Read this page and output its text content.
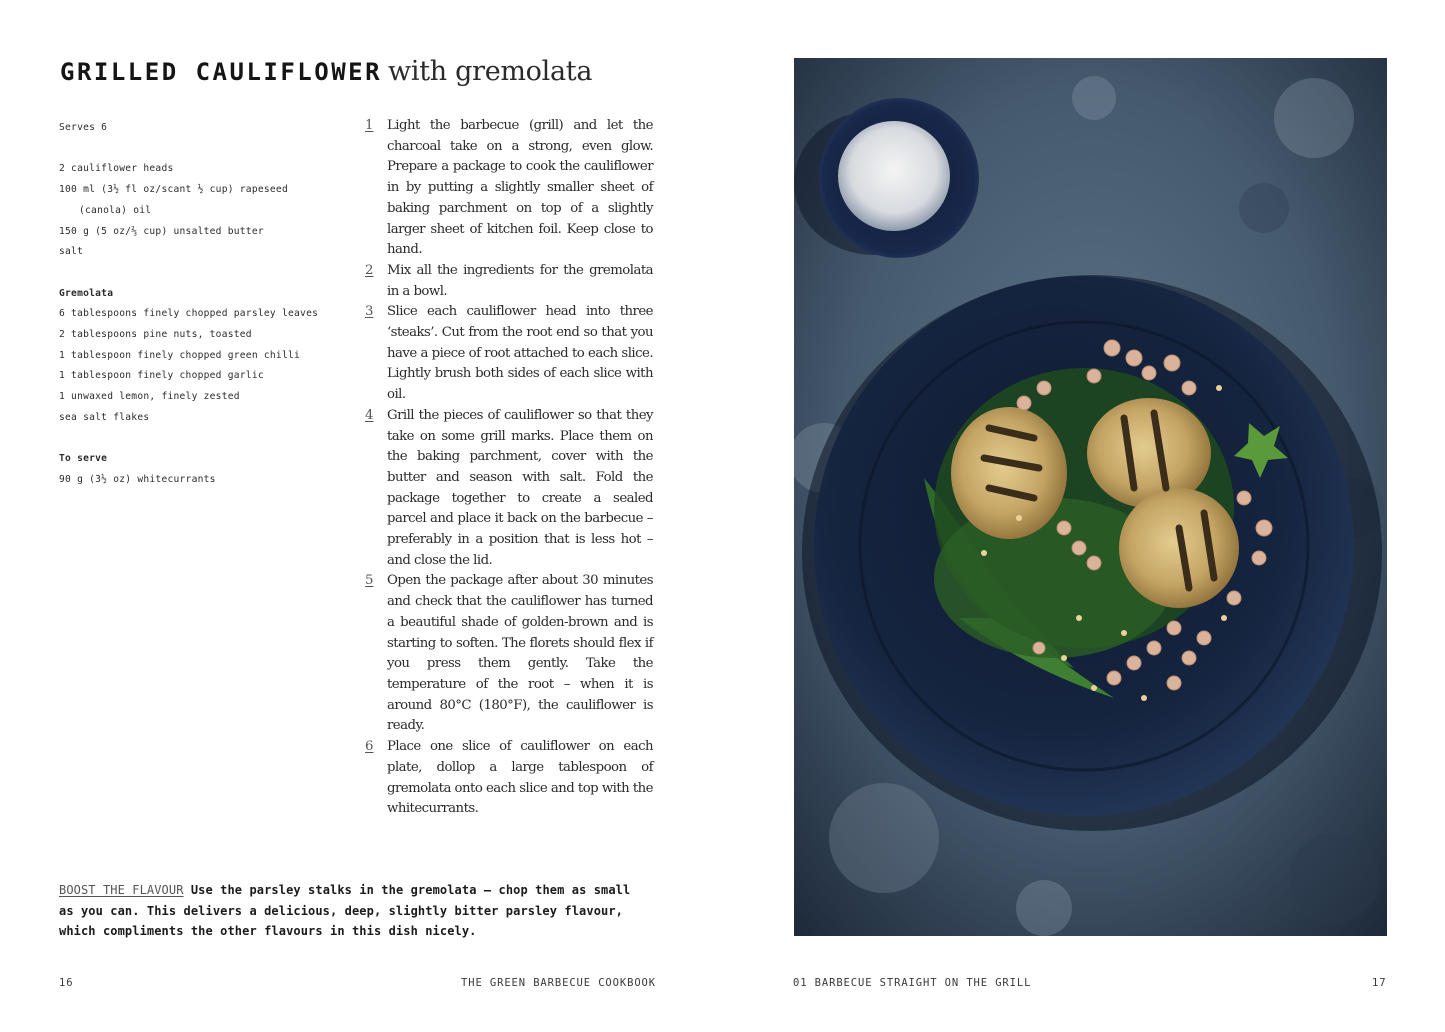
GRILLED CAULIFLOWER with gremolata
Serves 6
2 cauliflower heads
100 ml (3½ fl oz/scant ½ cup) rapeseed
(canola) oil
150 g (5 oz/⅔ cup) unsalted butter
salt
Gremolata
6 tablespoons finely chopped parsley leaves
2 tablespoons pine nuts, toasted
1 tablespoon finely chopped green chilli
1 tablespoon finely chopped garlic
1 unwaxed lemon, finely zested
sea salt flakes
To serve
90 g (3½ oz) whitecurrants
1 Light the barbecue (grill) and let the charcoal take on a strong, even glow. Prepare a package to cook the cauliflower in by putting a slightly smaller sheet of baking parchment on top of a slightly larger sheet of kitchen foil. Keep close to hand.
2 Mix all the ingredients for the gremolata in a bowl.
3 Slice each cauliflower head into three ‘steaks’. Cut from the root end so that you have a piece of root attached to each slice. Lightly brush both sides of each slice with oil.
4 Grill the pieces of cauliflower so that they take on some grill marks. Place them on the baking parchment, cover with the butter and season with salt. Fold the package together to create a sealed parcel and place it back on the barbecue – preferably in a position that is less hot – and close the lid.
5 Open the package after about 30 minutes and check that the cauliflower has turned a beautiful shade of golden-brown and is starting to soften. The florets should flex if you press them gently. Take the temperature of the root – when it is around 80°C (180°F), the cauliflower is ready.
6 Place one slice of cauliflower on each plate, dollop a large tablespoon of gremolata onto each slice and top with the whitecurrants.
BOOST THE FLAVOUR Use the parsley stalks in the gremolata – chop them as small as you can. This delivers a delicious, deep, slightly bitter parsley flavour, which compliments the other flavours in this dish nicely.
16	THE GREEN BARBECUE COOKBOOK	01 BARBECUE STRAIGHT ON THE GRILL	17
